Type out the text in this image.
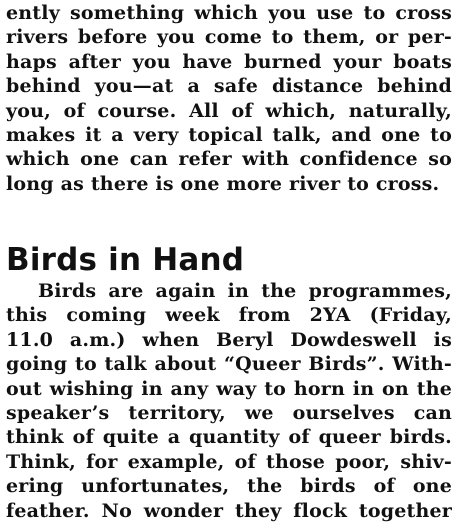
ently something which you use to cross
rivers before you come to them, or per-
haps after you have burned your boats
behind you—at a safe distance behind
you, of course. All of which, naturally,
makes it a very topical talk, and one to
which one can refer with confidence so
long as there is one more river to cross.
Birds in Hand
Birds are again in the programmes,
this coming week from 2YA (Friday,
11.0 a.m.) when Beryl Dowdeswell is
going to talk about “Queer Birds”. With-
out wishing in any way to horn in on the
speaker’s territory, we ourselves can
think of quite a quantity of queer birds.
Think, for example, of those poor, shiv-
ering unfortunates, the birds of one
feather. No wonder they flock together
